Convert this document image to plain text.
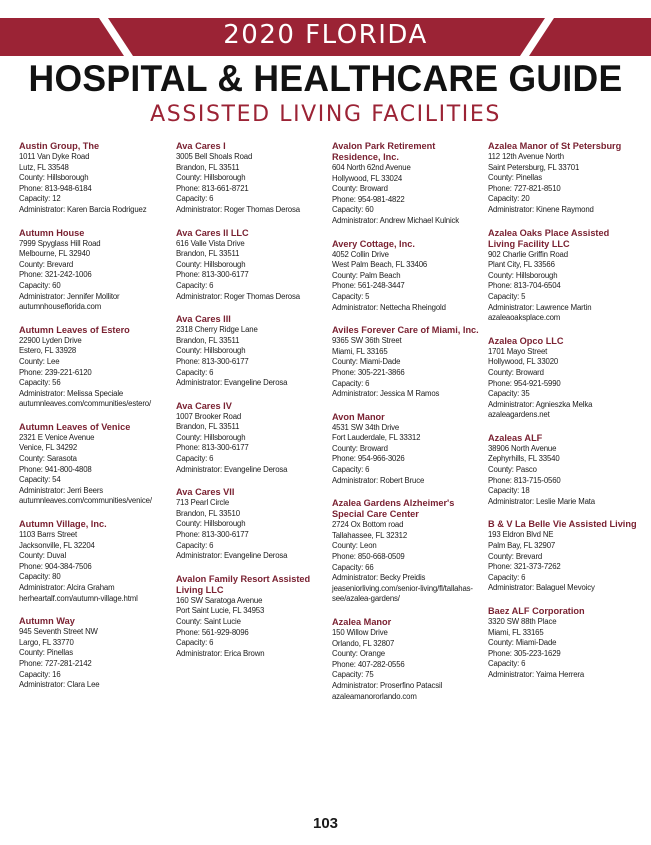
2020 FLORIDA
HOSPITAL & HEALTHCARE GUIDE
ASSISTED LIVING FACILITIES
Austin Group, The
1011 Van Dyke Road
Lutz, FL 33548
County: Hillsborough
Phone: 813-948-6184
Capacity: 12
Administrator: Karen Barcia Rodriguez
Autumn House
7999 Spyglass Hill Road
Melbourne, FL 32940
County: Brevard
Phone: 321-242-1006
Capacity: 60
Administrator: Jennifer Mollitor
autumnhouseflorida.com
Autumn Leaves of Estero
22900 Lyden Drive
Estero, FL 33928
County: Lee
Phone: 239-221-6120
Capacity: 56
Administrator: Melissa Speciale
autumnleaves.com/communities/estero/
Autumn Leaves of Venice
2321 E Venice Avenue
Venice, FL 34292
County: Sarasota
Phone: 941-800-4808
Capacity: 54
Administrator: Jerri Beers
autumnleaves.com/communities/venice/
Autumn Village, Inc.
1103 Barrs Street
Jacksonville, FL 32204
County: Duval
Phone: 904-384-7506
Capacity: 80
Administrator: Alcira Graham
herheartalf.com/autumn-village.html
Autumn Way
945 Seventh Street NW
Largo, FL 33770
County: Pinellas
Phone: 727-281-2142
Capacity: 16
Administrator: Clara Lee
Ava Cares I
3005 Bell Shoals Road
Brandon, FL 33511
County: Hillsborough
Phone: 813-661-8721
Capacity: 6
Administrator: Roger Thomas Derosa
Ava Cares II LLC
616 Valle Vista Drive
Brandon, FL 33511
County: Hillsborough
Phone: 813-300-6177
Capacity: 6
Administrator: Roger Thomas Derosa
Ava Cares III
2318 Cherry Ridge Lane
Brandon, FL 33511
County: Hillsborough
Phone: 813-300-6177
Capacity: 6
Administrator: Evangeline Derosa
Ava Cares IV
1007 Brooker Road
Brandon, FL 33511
County: Hillsborough
Phone: 813-300-6177
Capacity: 6
Administrator: Evangeline Derosa
Ava Cares VII
713 Pearl Circle
Brandon, FL 33510
County: Hillsborough
Phone: 813-300-6177
Capacity: 6
Administrator: Evangeline Derosa
Avalon Family Resort Assisted Living LLC
160 SW Saratoga Avenue
Port Saint Lucie, FL 34953
County: Saint Lucie
Phone: 561-929-8096
Capacity: 6
Administrator: Erica Brown
Avalon Park Retirement Residence, Inc.
604 North 62nd Avenue
Hollywood, FL 33024
County: Broward
Phone: 954-981-4822
Capacity: 60
Administrator: Andrew Michael Kulnick
Avery Cottage, Inc.
4052 Collin Drive
West Palm Beach, FL 33406
County: Palm Beach
Phone: 561-248-3447
Capacity: 5
Administrator: Nettecha Rheingold
Aviles Forever Care of Miami, Inc.
9365 SW 36th Street
Miami, FL 33165
County: Miami-Dade
Phone: 305-221-3866
Capacity: 6
Administrator: Jessica M Ramos
Avon Manor
4531 SW 34th Drive
Fort Lauderdale, FL 33312
County: Broward
Phone: 954-966-3026
Capacity: 6
Administrator: Robert Bruce
Azalea Gardens Alzheimer's Special Care Center
2724 Ox Bottom road
Tallahassee, FL 32312
County: Leon
Phone: 850-668-0509
Capacity: 66
Administrator: Becky Preidis
jeaseniorliving.com/senior-living/fl/tallahas-
see/azalea-gardens/
Azalea Manor
150 Willow Drive
Orlando, FL 32807
County: Orange
Phone: 407-282-0556
Capacity: 75
Administrator: Proserfino Patacsil
azaleamanororlando.com
Azalea Manor of St Petersburg
112 12th Avenue North
Saint Petersburg, FL 33701
County: Pinellas
Phone: 727-821-8510
Capacity: 20
Administrator: Kinene Raymond
Azalea Oaks Place Assisted Living Facility LLC
902 Charlie Griffin Road
Plant City, FL 33566
County: Hillsborough
Phone: 813-704-6504
Capacity: 5
Administrator: Lawrence Martin
azaleaoaksplace.com
Azalea Opco LLC
1701 Mayo Street
Hollywood, FL 33020
County: Broward
Phone: 954-921-5990
Capacity: 35
Administrator: Agnieszka Melka
azaleagardens.net
Azaleas ALF
38906 North Avenue
Zephyrhills, FL 33540
County: Pasco
Phone: 813-715-0560
Capacity: 18
Administrator: Leslie Marie Mata
B & V La Belle Vie Assisted Living
193 Eldron Blvd NE
Palm Bay, FL 32907
County: Brevard
Phone: 321-373-7262
Capacity: 6
Administrator: Balaguel Mevoicy
Baez ALF Corporation
3320 SW 88th Place
Miami, FL 33165
County: Miami-Dade
Phone: 305-223-1629
Capacity: 6
Administrator: Yaima Herrera
103
